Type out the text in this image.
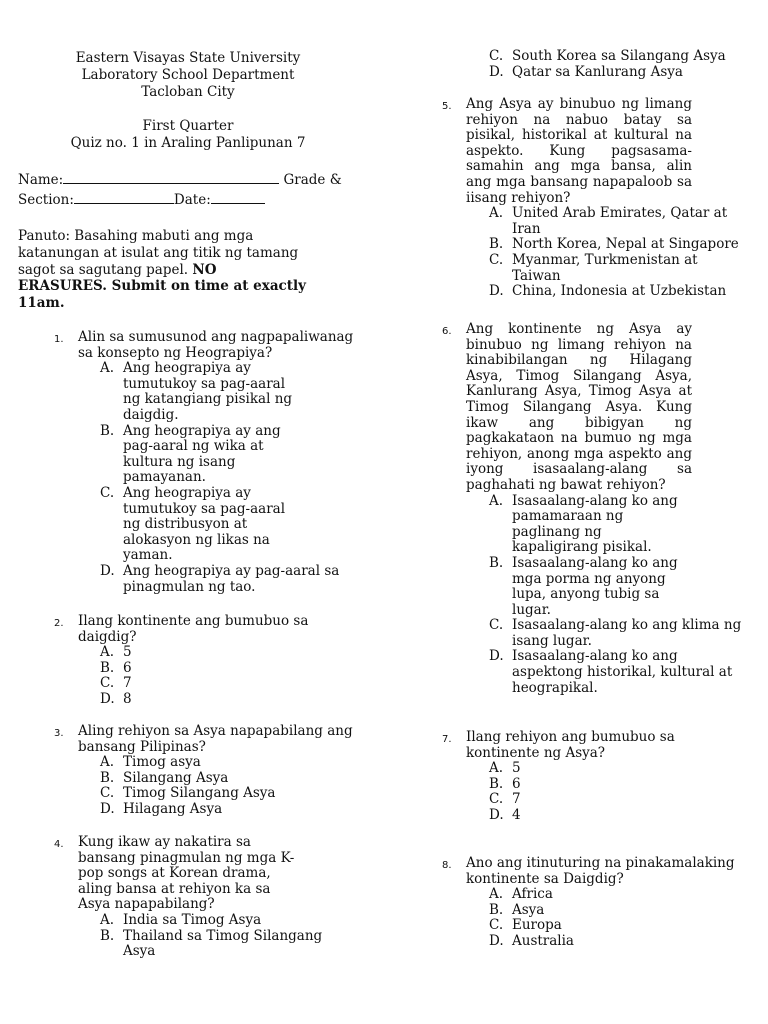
Eastern Visayas State University
Laboratory School Department
Tacloban City
First Quarter
Quiz no. 1 in Araling Panlipunan 7
Name:	Grade &
Section:	Date:
Panuto: Basahing mabuti ang mga katanungan at isulat ang titik ng tamang sagot sa sagutang papel. NO ERASURES. Submit on time at exactly 11am.
1. Alin sa sumusunod ang nagpapaliwanag sa konsepto ng Heograpiya?
A. Ang heograpiya ay tumutukoy sa pag-aaral ng katangiang pisikal ng daigdig.
B. Ang heograpiya ay ang pag-aaral ng wika at kultura ng isang pamayanan.
C. Ang heograpiya ay tumutukoy sa pag-aaral ng distribusyon at alokasyon ng likas na yaman.
D. Ang heograpiya ay pag-aaral sa pinagmulan ng tao.
2. Ilang kontinente ang bumubuo sa daigdig?
A. 5
B. 6
C. 7
D. 8
3. Aling rehiyon sa Asya napapabilang ang bansang Pilipinas?
A. Timog asya
B. Silangang Asya
C. Timog Silangang Asya
D. Hilagang Asya
4. Kung ikaw ay nakatira sa bansang pinagmulan ng mga K-pop songs at Korean drama, aling bansa at rehiyon ka sa Asya napapabilang?
A. India sa Timog Asya
B. Thailand sa Timog Silangang Asya
C. South Korea sa Silangang Asya
D. Qatar sa Kanlurang Asya
5. Ang Asya ay binubuo ng limang rehiyon na nabuo batay sa pisikal, historikal at kultural na aspekto. Kung pagsasama-samahin ang mga bansa, alin ang mga bansang napapaloob sa iisang rehiyon?
A. United Arab Emirates, Qatar at Iran
B. North Korea, Nepal at Singapore
C. Myanmar, Turkmenistan at Taiwan
D. China, Indonesia at Uzbekistan
6. Ang kontinente ng Asya ay binubuo ng limang rehiyon na kinabibilangan ng Hilagang Asya, Timog Silangang Asya, Kanlurang Asya, Timog Asya at Timog Silangang Asya. Kung ikaw ang bibigyan ng pagkakataon na bumuo ng mga rehiyon, anong mga aspekto ang iyong isasaalang-alang sa paghahati ng bawat rehiyon?
A. Isasaalang-alang ko ang pamamaraan ng paglinang ng kapaligirang pisikal.
B. Isasaalang-alang ko ang mga porma ng anyong lupa, anyong tubig sa lugar.
C. Isasaalang-alang ko ang klima ng isang lugar.
D. Isasaalang-alang ko ang aspektong historikal, kultural at heograpikal.
7. Ilang rehiyon ang bumubuo sa kontinente ng Asya?
A. 5
B. 6
C. 7
D. 4
8. Ano ang itinuturing na pinakamalaking kontinente sa Daigdig?
A. Africa
B. Asya
C. Europa
D. Australia
